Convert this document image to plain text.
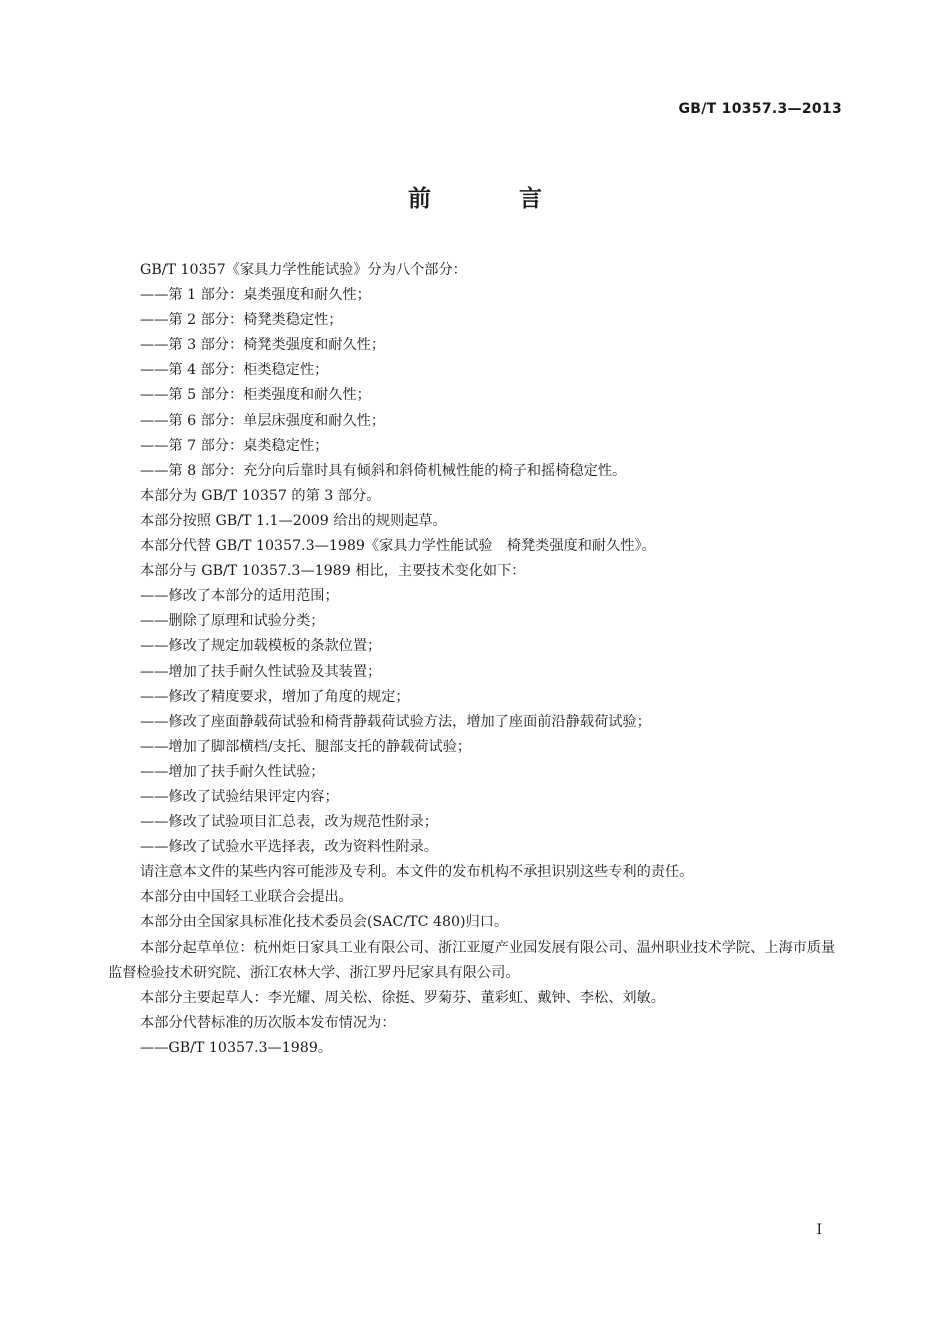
GB/T 10357.3—2013
前 言

GB/T 10357《家具力学性能试验》分为八个部分：

——第 1 部分：桌类强度和耐久性；

——第 2 部分：椅凳类稳定性；

——第 3 部分：椅凳类强度和耐久性；

——第 4 部分：柜类稳定性；

——第 5 部分：柜类强度和耐久性；

——第 6 部分：单层床强度和耐久性；

——第 7 部分：桌类稳定性；

——第 8 部分：充分向后靠时具有倾斜和斜倚机械性能的椅子和摇椅稳定性。

本部分为 GB/T 10357 的第 3 部分。

本部分按照 GB/T 1.1—2009 给出的规则起草。

本部分代替 GB/T 10357.3—1989《家具力学性能试验　椅凳类强度和耐久性》。

本部分与 GB/T 10357.3—1989 相比，主要技术变化如下：

——修改了本部分的适用范围；

——删除了原理和试验分类；

——修改了规定加载模板的条款位置；

——增加了扶手耐久性试验及其装置；

——修改了精度要求，增加了角度的规定；

——修改了座面静载荷试验和椅背静载荷试验方法，增加了座面前沿静载荷试验；

——增加了脚部横档/支托、腿部支托的静载荷试验；

——增加了扶手耐久性试验；

——修改了试验结果评定内容；

——修改了试验项目汇总表，改为规范性附录；

——修改了试验水平选择表，改为资料性附录。

请注意本文件的某些内容可能涉及专利。本文件的发布机构不承担识别这些专利的责任。

本部分由中国轻工业联合会提出。

本部分由全国家具标准化技术委员会(SAC/TC 480)归口。

本部分起草单位：杭州炬日家具工业有限公司、浙江亚厦产业园发展有限公司、温州职业技术学院、上海市质量监督检验技术研究院、浙江农林大学、浙江罗丹尼家具有限公司。

本部分主要起草人：李光耀、周关松、徐挺、罗菊芬、董彩虹、戴钟、李松、刘敏。

本部分代替标准的历次版本发布情况为：

——GB/T 10357.3—1989。

I
